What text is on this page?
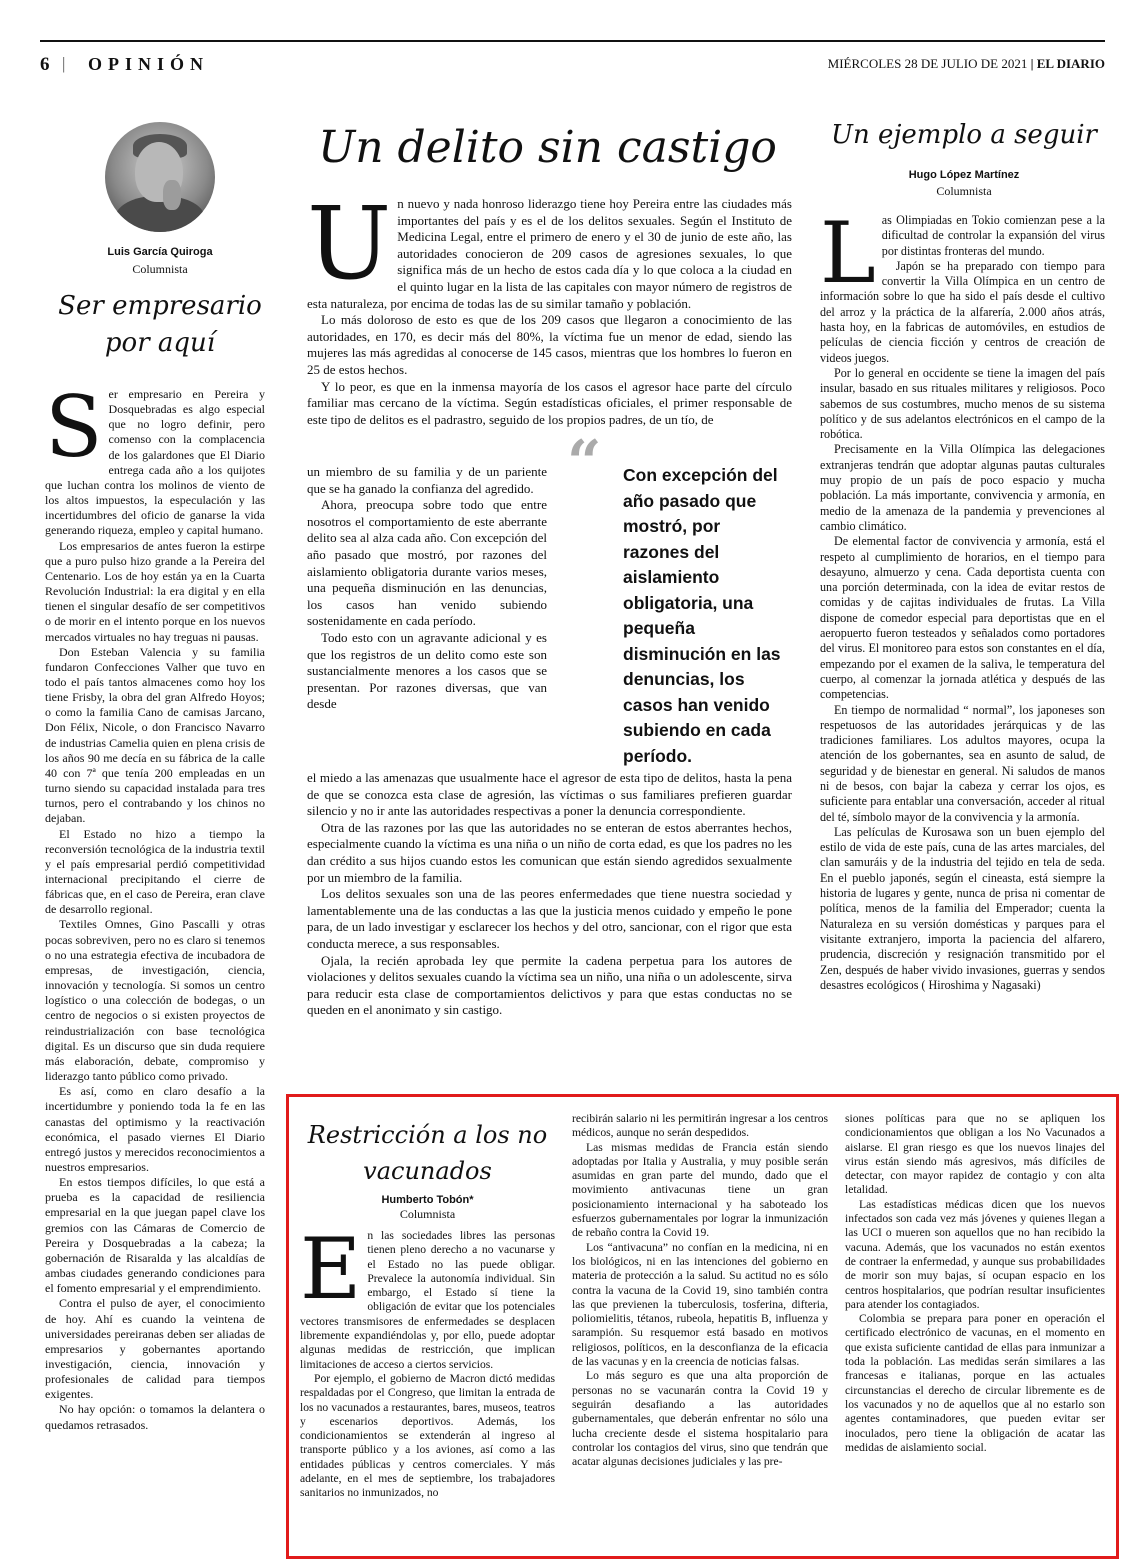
6 | OPINIÓN	MIÉRCOLES 28 DE JULIO DE 2021 | EL DIARIO
Luis García Quiroga
Columnista
Ser empresario por aquí
S er empresario en Pereira y Dosquebradas es algo especial que no logro definir, pero comenso con la complacencia de los galardones que El Diario entrega cada año a los quijotes que luchan contra los molinos de viento de los altos impuestos, la especulación y las incertidumbres del oficio de ganarse la vida generando riqueza, empleo y capital humano.

Los empresarios de antes fueron la estirpe que a puro pulso hizo grande a la Pereira del Centenario. Los de hoy están ya en la Cuarta Revolución Industrial: la era digital y en ella tienen el singular desafío de ser competitivos o de morir en el intento porque en los nuevos mercados virtuales no hay treguas ni pausas.

Don Esteban Valencia y su familia fundaron Confecciones Valher que tuvo en todo el país tantos almacenes como hoy los tiene Frisby, la obra del gran Alfredo Hoyos; o como la familia Cano de camisas Jarcano, Don Félix, Nicole, o don Francisco Navarro de industrias Camelia quien en plena crisis de los años 90 me decía en su fábrica de la calle 40 con 7ª que tenía 200 empleadas en un turno siendo su capacidad instalada para tres turnos, pero el contrabando y los chinos no dejaban.

El Estado no hizo a tiempo la reconversión tecnológica de la industria textil y el país empresarial perdió competitividad internacional precipitando el cierre de fábricas que, en el caso de Pereira, eran clave de desarrollo regional.

Textiles Omnes, Gino Pascalli y otras pocas sobreviven, pero no es claro si tenemos o no una estrategia efectiva de incubadora de empresas, de investigación, ciencia, innovación y tecnología. Si somos un centro logístico o una colección de bodegas, o un centro de negocios o si existen proyectos de reindustrialización con base tecnológica digital. Es un discurso que sin duda requiere más elaboración, debate, compromiso y liderazgo tanto público como privado.

Es así, como en claro desafío a la incertidumbre y poniendo toda la fe en las canastas del optimismo y la reactivación económica, el pasado viernes El Diario entregó justos y merecidos reconocimientos a nuestros empresarios.

En estos tiempos difíciles, lo que está a prueba es la capacidad de resiliencia empresarial en la que juegan papel clave los gremios con las Cámaras de Comercio de Pereira y Dosquebradas a la cabeza; la gobernación de Risaralda y las alcaldías de ambas ciudades generando condiciones para el fomento empresarial y el emprendimiento.

Contra el pulso de ayer, el conocimiento de hoy. Ahí es cuando la veintena de universidades pereiranas deben ser aliadas de empresarios y gobernantes aportando investigación, ciencia, innovación y profesionales de calidad para tiempos exigentes.

No hay opción: o tomamos la delantera o quedamos retrasados.

Un delito sin castigo
U n nuevo y nada honroso liderazgo tiene hoy Pereira entre las ciudades más importantes del país y es el de los delitos sexuales. Según el Instituto de Medicina Legal, entre el primero de enero y el 30 de junio de este año, las autoridades conocieron de 209 casos de agresiones sexuales, lo que significa más de un hecho de estos cada día y lo que coloca a la ciudad en el quinto lugar en la lista de las capitales con mayor número de registros de esta naturaleza, por encima de todas las de su similar tamaño y población.

Lo más doloroso de esto es que de los 209 casos que llegaron a conocimiento de las autoridades, en 170, es decir más del 80%, la víctima fue un menor de edad, siendo las mujeres las más agredidas al conocerse de 145 casos, mientras que los hombres lo fueron en 25 de estos hechos.

Y lo peor, es que en la inmensa mayoría de los casos el agresor hace parte del círculo familiar mas cercano de la víctima. Según estadísticas oficiales, el primer responsable de este tipo de delitos es el padrastro, seguido de los propios padres, de un tío, de

un miembro de su familia y de un pariente que se ha ganado la confianza del agredido.

Ahora, preocupa sobre todo que entre nosotros el comportamiento de este aberrante delito sea al alza cada año. Con excepción del año pasado que mostró, por razones del aislamiento obligatoria durante varios meses, una pequeña disminución en las denuncias, los casos han venido subiendo sostenidamente en cada período.

Todo esto con un agravante adicional y es que los registros de un delito como este son sustancialmente menores a los casos que se presentan. Por razones diversas, que van desde

“ Con excepción del año pasado que mostró, por razones del aislamiento obligatoria, una pequeña disminución en las denuncias, los casos han venido subiendo en cada período.

el miedo a las amenazas que usualmente hace el agresor de esta tipo de delitos, hasta la pena de que se conozca esta clase de agresión, las víctimas o sus familiares prefieren guardar silencio y no ir ante las autoridades respectivas a poner la denuncia correspondiente.

Otra de las razones por las que las autoridades no se enteran de estos aberrantes hechos, especialmente cuando la víctima es una niña o un niño de corta edad, es que los padres no les dan crédito a sus hijos cuando estos les comunican que están siendo agredidos sexualmente por un miembro de la familia.

Los delitos sexuales son una de las peores enfermedades que tiene nuestra sociedad y lamentablemente una de las conductas a las que la justicia menos cuidado y empeño le pone para, de un lado investigar y esclarecer los hechos y del otro, sancionar, con el rigor que esta conducta merece, a sus responsables.

Ojala, la recién aprobada ley que permite la cadena perpetua para los autores de violaciones y delitos sexuales cuando la víctima sea un niño, una niña o un adolescente, sirva para reducir esta clase de comportamientos delictivos y para que estas conductas no se queden en el anonimato y sin castigo.

Un ejemplo a seguir
Hugo López Martínez
Columnista
L as Olimpiadas en Tokio comienzan pese a la dificultad de controlar la expansión del virus por distintas fronteras del mundo.

Japón se ha preparado con tiempo para convertir la Villa Olímpica en un centro de información sobre lo que ha sido el país desde el cultivo del arroz y la práctica de la alfarería, 2.000 años atrás, hasta hoy, en la fabricas de automóviles, en estudios de películas de ciencia ficción y centros de creación de videos juegos.

Por lo general en occidente se tiene la imagen del país insular, basado en sus rituales militares y religiosos. Poco sabemos de sus costumbres, mucho menos de su sistema político y de sus adelantos electrónicos en el campo de la robótica.

Precisamente en la Villa Olímpica las delegaciones extranjeras tendrán que adoptar algunas pautas culturales muy propio de un país de poco espacio y mucha población. La más importante, convivencia y armonía, en medio de la amenaza de la pandemia y prevenciones al cambio climático.

De elemental factor de convivencia y armonía, está el respeto al cumplimiento de horarios, en el tiempo para desayuno, almuerzo y cena. Cada deportista cuenta con una porción determinada, con la idea de evitar restos de comidas y de cajitas individuales de frutas. La Villa dispone de comedor especial para deportistas que en el aeropuerto fueron testeados y señalados como portadores del virus. El monitoreo para estos son constantes en el día, empezando por el examen de la saliva, le temperatura del cuerpo, al comenzar la jornada atlética y después de las competencias.

En tiempo de normalidad “ normal”, los japoneses son respetuosos de las autoridades jerárquicas y de las tradiciones familiares. Los adultos mayores, ocupa la atención de los gobernantes, sea en asunto de salud, de seguridad y de bienestar en general. Ni saludos de manos ni de besos, con bajar la cabeza y cerrar los ojos, es suficiente para entablar una conversación, acceder al ritual del té, símbolo mayor de la convivencia y la armonía.

Las películas de Kurosawa son un buen ejemplo del estilo de vida de este país, cuna de las artes marciales, del clan samuráis y de la industria del tejido en tela de seda. En el pueblo japonés, según el cineasta, está siempre la historia de lugares y gente, nunca de prisa ni comentar de política, menos de la familia del Emperador; cuenta la Naturaleza en su versión domésticas y parques para el visitante extranjero, importa la paciencia del alfarero, prudencia, discreción y resignación transmitido por el Zen, después de haber vivido invasiones, guerras y sendos desastres ecológicos ( Hiroshima y Nagasaki)

Restricción a los no vacunados
Humberto Tobón*
Columnista
E n las sociedades libres las personas tienen pleno derecho a no vacunarse y el Estado no las puede obligar. Prevalece la autonomía individual. Sin embargo, el Estado sí tiene la obligación de evitar que los potenciales vectores transmisores de enfermedades se desplacen libremente expandiéndolas y, por ello, puede adoptar algunas medidas de restricción, que implican limitaciones de acceso a ciertos servicios.

Por ejemplo, el gobierno de Macron dictó medidas respaldadas por el Congreso, que limitan la entrada de los no vacunados a restaurantes, bares, museos, teatros y escenarios deportivos. Además, los condicionamientos se extenderán al ingreso al transporte público y a los aviones, así como a las entidades públicas y centros comerciales. Y más adelante, en el mes de septiembre, los trabajadores sanitarios no inmunizados, no

recibirán salario ni les permitirán ingresar a los centros médicos, aunque no serán despedidos.

Las mismas medidas de Francia están siendo adoptadas por Italia y Australia, y muy posible serán asumidas en gran parte del mundo, dado que el movimiento antivacunas tiene un gran posicionamiento internacional y ha saboteado los esfuerzos gubernamentales por lograr la inmunización de rebaño contra la Covid 19.

Los “antivacuna” no confían en la medicina, ni en los biológicos, ni en las intenciones del gobierno en materia de protección a la salud. Su actitud no es sólo contra la vacuna de la Covid 19, sino también contra las que previenen la tuberculosis, tosferina, difteria, poliomielitis, tétanos, rubeola, hepatitis B, influenza y sarampión. Su resquemor está basado en motivos religiosos, políticos, en la desconfianza de la eficacia de las vacunas y en la creencia de noticias falsas.

Lo más seguro es que una alta proporción de personas no se vacunarán contra la Covid 19 y seguirán desafiando a las autoridades gubernamentales, que deberán enfrentar no sólo una lucha creciente desde el sistema hospitalario para controlar los contagios del virus, sino que tendrán que acatar algunas decisiones judiciales y las pre-

siones políticas para que no se apliquen los condicionamientos que obligan a los No Vacunados a aislarse. El gran riesgo es que los nuevos linajes del virus están siendo más agresivos, más difíciles de detectar, con mayor rapidez de contagio y con alta letalidad.

Las estadísticas médicas dicen que los nuevos infectados son cada vez más jóvenes y quienes llegan a las UCI o mueren son aquellos que no han recibido la vacuna. Además, que los vacunados no están exentos de contraer la enfermedad, y aunque sus probabilidades de morir son muy bajas, sí ocupan espacio en los centros hospitalarios, que podrían resultar insuficientes para atender los contagiados.

Colombia se prepara para poner en operación el certificado electrónico de vacunas, en el momento en que exista suficiente cantidad de ellas para inmunizar a toda la población. Las medidas serán similares a las francesas e italianas, porque en las actuales circunstancias el derecho de circular libremente es de los vacunados y no de aquellos que al no estarlo son agentes contaminadores, que pueden evitar ser inoculados, pero tiene la obligación de acatar las medidas de aislamiento social.
